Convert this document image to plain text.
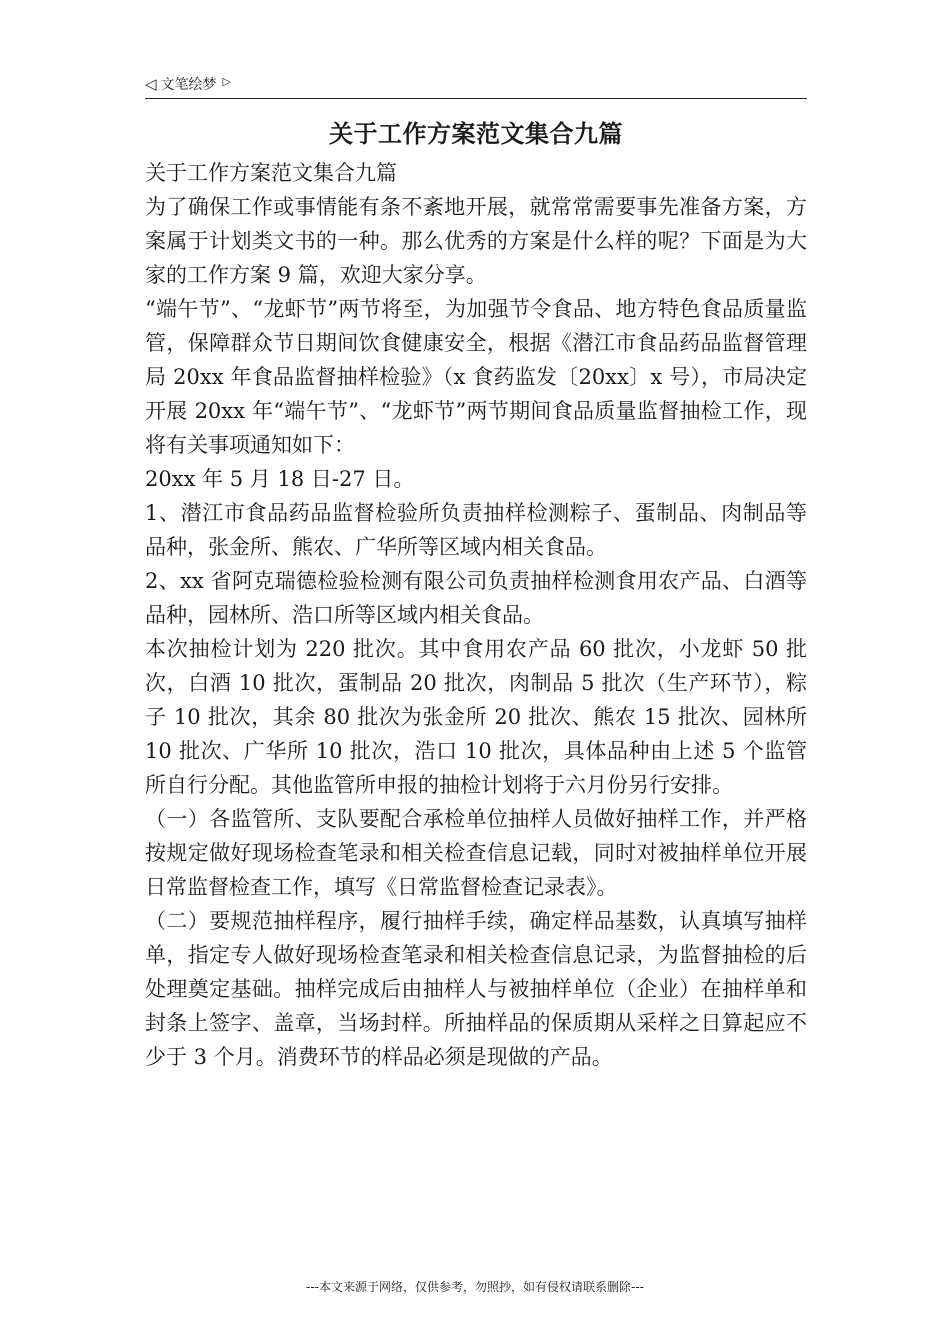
◁ 文笔绘梦 ▷
关于工作方案范文集合九篇

关于工作方案范文集合九篇

为了确保工作或事情能有条不紊地开展，就常常需要事先准备方案，方案属于计划类文书的一种。那么优秀的方案是什么样的呢？下面是为大家的工作方案 9 篇，欢迎大家分享。

“端午节”、“龙虾节”两节将至，为加强节令食品、地方特色食品质量监管，保障群众节日期间饮食健康安全，根据《潜江市食品药品监督管理局 20xx 年食品监督抽样检验》（x 食药监发〔20xx〕x 号），市局决定开展 20xx 年“端午节”、“龙虾节”两节期间食品质量监督抽检工作，现将有关事项通知如下：

20xx 年 5 月 18 日-27 日。

1、潜江市食品药品监督检验所负责抽样检测粽子、蛋制品、肉制品等品种，张金所、熊农、广华所等区域内相关食品。

2、xx 省阿克瑞德检验检测有限公司负责抽样检测食用农产品、白酒等品种，园林所、浩口所等区域内相关食品。

本次抽检计划为 220 批次。其中食用农产品 60 批次，小龙虾 50 批次，白酒 10 批次，蛋制品 20 批次，肉制品 5 批次（生产环节），粽子 10 批次，其余 80 批次为张金所 20 批次、熊农 15 批次、园林所 10 批次、广华所 10 批次，浩口 10 批次，具体品种由上述 5 个监管所自行分配。其他监管所申报的抽检计划将于六月份另行安排。

（一）各监管所、支队要配合承检单位抽样人员做好抽样工作，并严格按规定做好现场检查笔录和相关检查信息记载，同时对被抽样单位开展日常监督检查工作，填写《日常监督检查记录表》。

（二）要规范抽样程序，履行抽样手续，确定样品基数，认真填写抽样单，指定专人做好现场检查笔录和相关检查信息记录，为监督抽检的后处理奠定基础。抽样完成后由抽样人与被抽样单位（企业）在抽样单和封条上签字、盖章，当场封样。所抽样品的保质期从采样之日算起应不少于 3 个月。消费环节的样品必须是现做的产品。

---本文来源于网络，仅供参考，勿照抄，如有侵权请联系删除---
